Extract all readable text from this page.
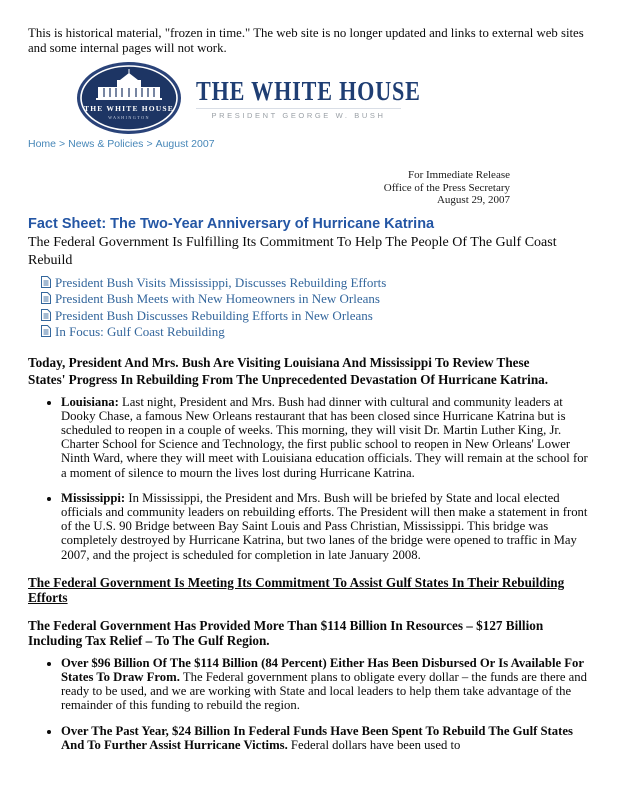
This is historical material, "frozen in time." The web site is no longer updated and links to external web sites and some internal pages will not work.
THE WHITE HOUSE
WASHINGTON
THE WHITE HOUSE
PRESIDENT GEORGE W. BUSH
Home > News & Policies > August 2007
For Immediate Release
Office of the Press Secretary
August 29, 2007
Fact Sheet: The Two-Year Anniversary of Hurricane Katrina
The Federal Government Is Fulfilling Its Commitment To Help The People Of The Gulf Coast Rebuild
President Bush Visits Mississippi, Discusses Rebuilding Efforts
President Bush Meets with New Homeowners in New Orleans
President Bush Discusses Rebuilding Efforts in New Orleans
In Focus: Gulf Coast Rebuilding
Today, President And Mrs. Bush Are Visiting Louisiana And Mississippi To Review These States' Progress In Rebuilding From The Unprecedented Devastation Of Hurricane Katrina.
• Louisiana: Last night, President and Mrs. Bush had dinner with cultural and community leaders at Dooky Chase, a famous New Orleans restaurant that has been closed since Hurricane Katrina but is scheduled to reopen in a couple of weeks. This morning, they will visit Dr. Martin Luther King, Jr. Charter School for Science and Technology, the first public school to reopen in New Orleans' Lower Ninth Ward, where they will meet with Louisiana education officials. They will remain at the school for a moment of silence to mourn the lives lost during Hurricane Katrina.
• Mississippi: In Mississippi, the President and Mrs. Bush will be briefed by State and local elected officials and community leaders on rebuilding efforts. The President will then make a statement in front of the U.S. 90 Bridge between Bay Saint Louis and Pass Christian, Mississippi. This bridge was completely destroyed by Hurricane Katrina, but two lanes of the bridge were opened to traffic in May 2007, and the project is scheduled for completion in late January 2008.
The Federal Government Is Meeting Its Commitment To Assist Gulf States In Their Rebuilding Efforts
The Federal Government Has Provided More Than $114 Billion In Resources – $127 Billion Including Tax Relief – To The Gulf Region.
• Over $96 Billion Of The $114 Billion (84 Percent) Either Has Been Disbursed Or Is Available For States To Draw From. The Federal government plans to obligate every dollar – the funds are there and ready to be used, and we are working with State and local leaders to help them take advantage of the remainder of this funding to rebuild the region.
• Over The Past Year, $24 Billion In Federal Funds Have Been Spent To Rebuild The Gulf States And To Further Assist Hurricane Victims. Federal dollars have been used to
